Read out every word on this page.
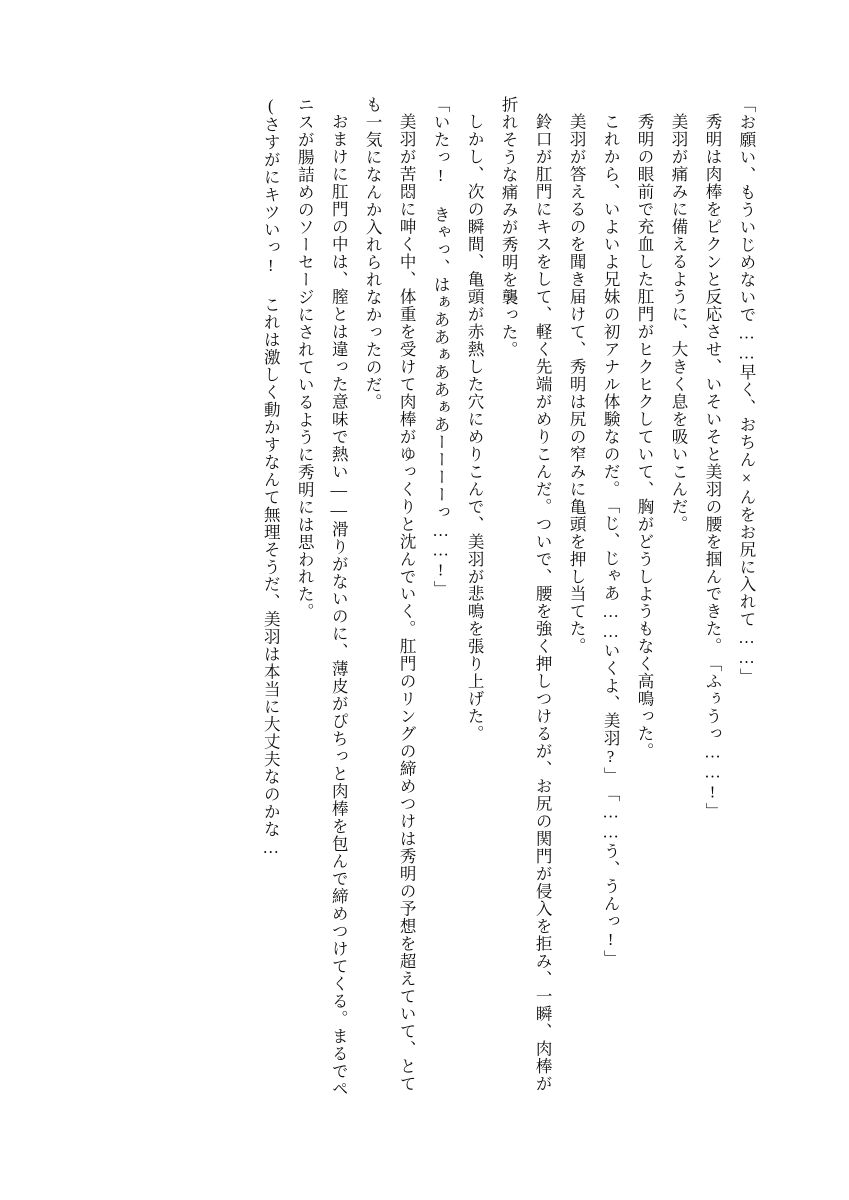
「お願い、もういじめないで……早く、おちん×んをお尻に入れて……」

秀明は肉棒をピクンと反応させ、いそいそと美羽の腰を掴んできた。

「ふぅうっ……!」

美羽が痛みに備えるように、大きく息を吸いこんだ。

秀明の眼前で充血した肛門がヒクヒクしていて、胸がどうしようもなく高鳴った。

これから、いよいよ兄妹の初アナル体験なのだ。

「じ、じゃあ……いくよ、美羽?」

「……う、うんっ!」

美羽が答えるのを聞き届けて、秀明は尻の窄みに亀頭を押し当てた。

鈴口が肛門にキスをして、軽く先端がめりこんだ。ついで、腰を強く押しつけるが、お尻の関門が侵入を拒み、一瞬、肉棒が折れそうな痛みが秀明を襲った。

しかし、次の瞬間、亀頭が赤熱した穴にめりこんで、美羽が悲鳴を張り上げた。

「いたっ! きゃっ、はぁああぁああぁあーーーーっ……!」

美羽が苦悶に呻く中、体重を受けて肉棒がゆっくりと沈んでいく。肛門のリングの締めつけは秀明の予想を超えていて、とても一気になんか入れられなかったのだ。

おまけに肛門の中は、膣とは違った意味で熱い――滑りがないのに、薄皮がぴちっと肉棒を包んで締めつけてくる。まるでペニスが腸詰めのソーセージにされているように秀明には思われた。

(さすがにキツいっ! これは激しく動かすなんて無理そうだ、美羽は本当に大丈夫なのかな…
